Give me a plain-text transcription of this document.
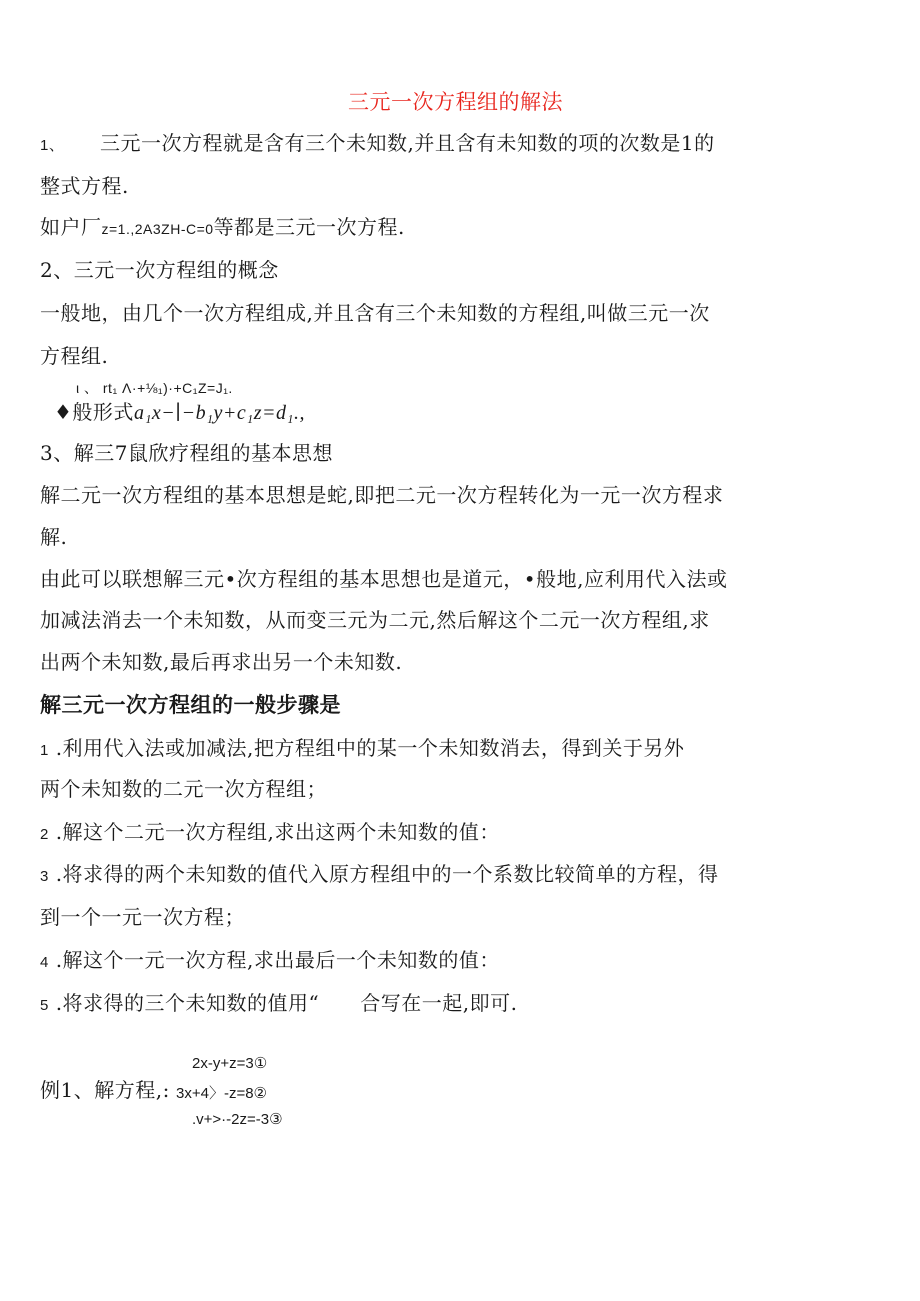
三元一次方程组的解法
1、 三元一次方程就是含有三个未知数,并且含有未知数的项的次数是1的
整式方程.
如户厂z=1.,2A3ZH-C=0等都是三元一次方程.
2、三元一次方程组的概念
一般地，由几个一次方程组成,并且含有三个未知数的方程组,叫做三元一次
方程组.
ι 、 rt₁ Λ·+⅛₁)·+C₁Z=J₁.
♦般形式a₁x−∣−b₁y+c₁z=d₁.,
3、解三7鼠欣疗程组的基本思想
解二元一次方程组的基本思想是蛇,即把二元一次方程转化为一元一次方程求
解.
由此可以联想解三元•次方程组的基本思想也是道元，•般地,应利用代入法或
加减法消去一个未知数，从而变三元为二元,然后解这个二元一次方程组,求
出两个未知数,最后再求出另一个未知数.
解三元一次方程组的一般步骤是
1 .利用代入法或加减法,把方程组中的某一个未知数消去，得到关于另外
两个未知数的二元一次方程组；
2 .解这个二元一次方程组,求出这两个未知数的值：
3 .将求得的两个未知数的值代入原方程组中的一个系数比较简单的方程，得
到一个一元一次方程；
4 .解这个一元一次方程,求出最后一个未知数的值：
5 .将求得的三个未知数的值用“　　合写在一起,即可.
例1、解方程,:
2x-y+z=3①
3x+4〉-z=8②
.v+>·-2z=-3③
